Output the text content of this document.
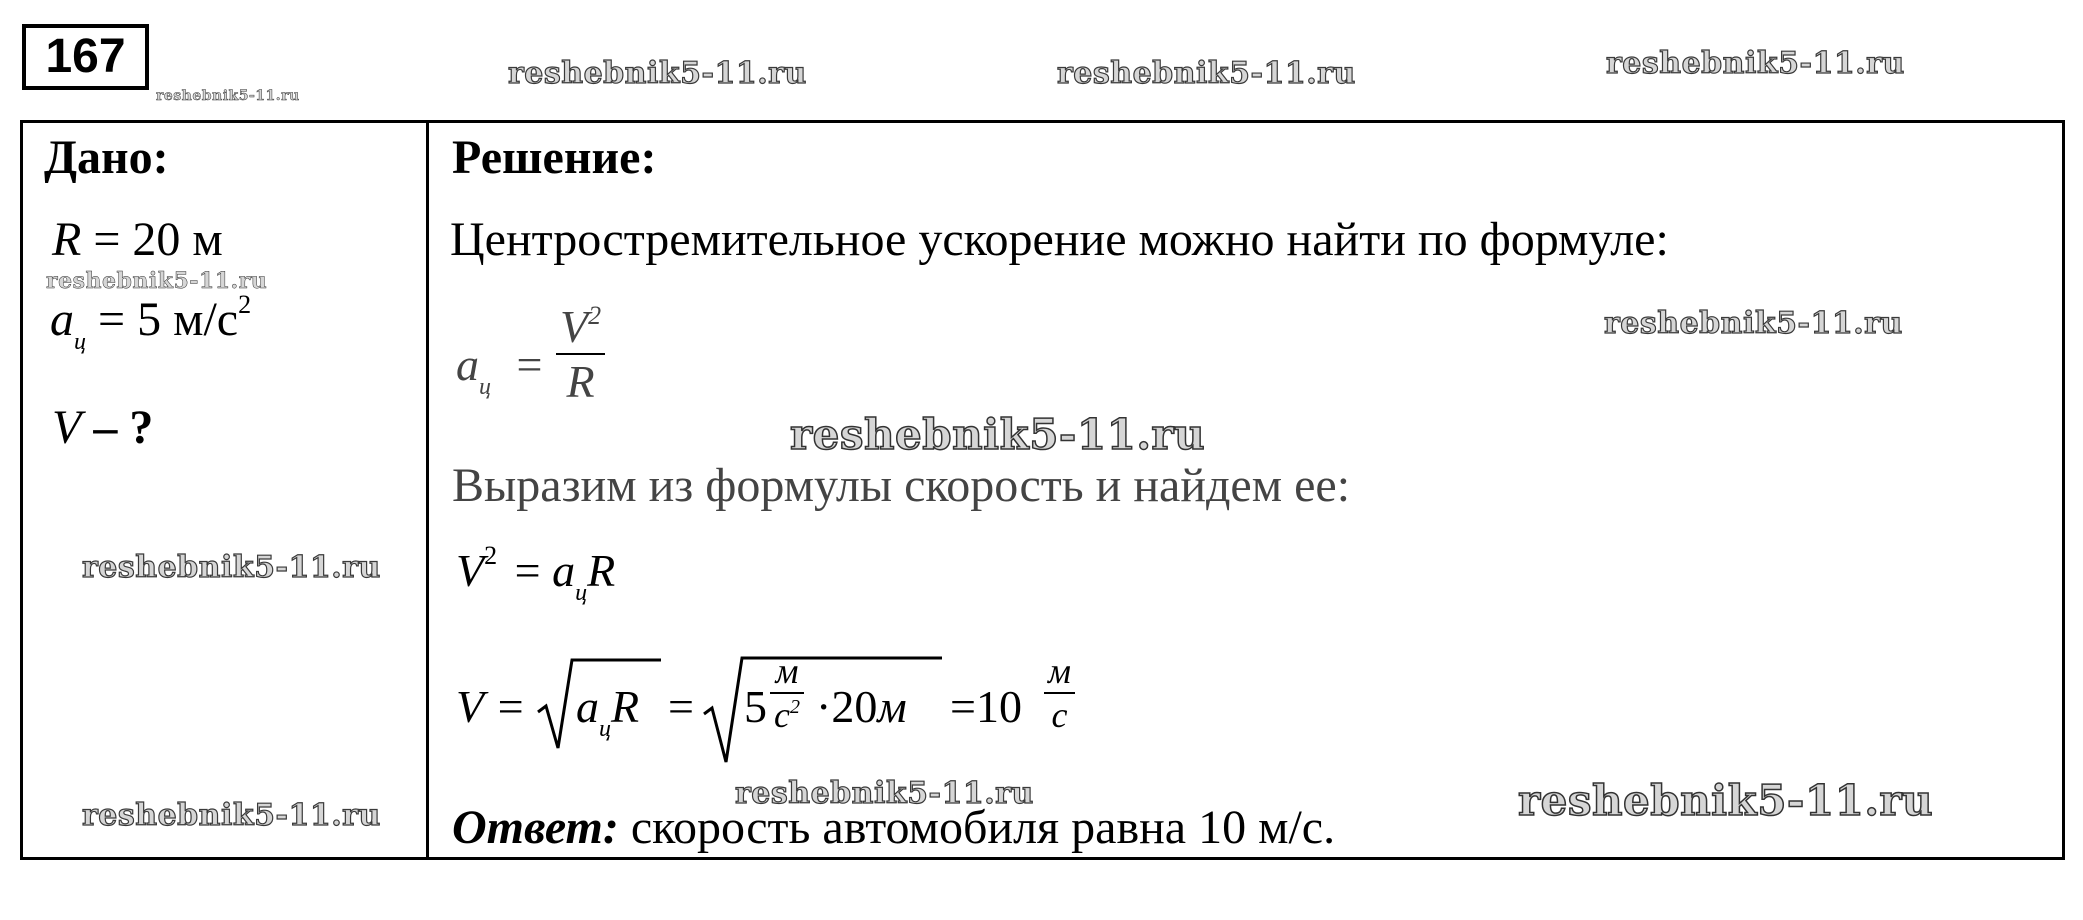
167
reshebnik5-11.ru
reshebnik5-11.ru	reshebnik5-11.ru	reshebnik5-11.ru
reshebnik5-11.ru
reshebnik5-11.ru
reshebnik5-11.ru
reshebnik5-11.ru
reshebnik5-11.ru
Дано:
R = 20 м
$a_ц = 5$ $м/с^2$
V – ?
Решение:
Центростремительное ускорение можно найти по формуле:
$a_ц = \frac{V^2}{R}$
reshebnik5-11.ru
Выразим из формулы скорость и найдем ее:
$V^2 = a_цR$
$V = a_цR = 5$
м
$с^2 \cdot 20м =10$
м
с
Ответ: скорость автомобиля равна 10 м/с.
reshebnik5-11.ru
